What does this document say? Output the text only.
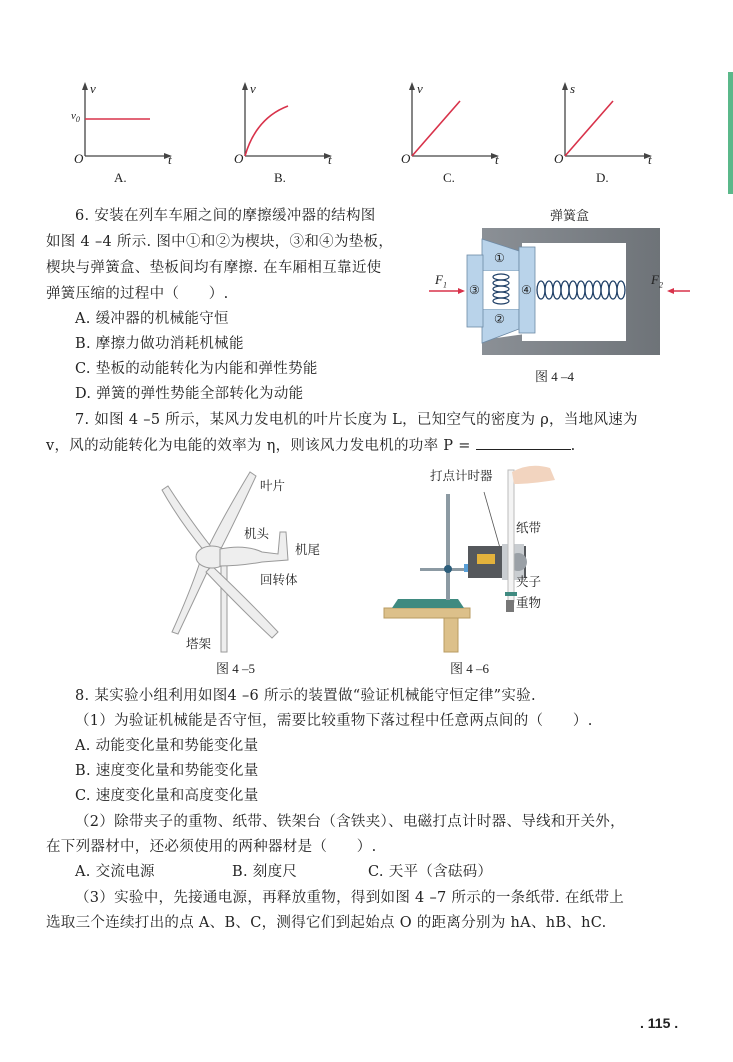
v
$v_0$
O	t
A.
v
O	t
B.
v
O	t
C.
s
O	t
D.
6. 安装在列车车厢之间的摩擦缓冲器的结构图
如图 4 –4 所示. 图中①和②为楔块，③和④为垫板，
楔块与弹簧盒、垫板间均有摩擦. 在车厢相互靠近使
弹簧压缩的过程中（　　）.
A. 缓冲器的机械能守恒
B. 摩擦力做功消耗机械能
C. 垫板的动能转化为内能和弹性势能
D. 弹簧的弹性势能全部转化为动能
弹簧盒
①
②
③	④
$F_1$	$F_2$
图 4 –4
7. 如图 4 –5 所示，某风力发电机的叶片长度为 L，已知空气的密度为 ρ，当地风速为
v，风的动能转化为电能的效率为 η，则该风力发电机的功率 P =	.
叶片
机头
机尾
回转体
塔架
图 4 –5
打点计时器
纸带
夹子
重物
图 4 –6
8. 某实验小组利用如图4 –6 所示的装置做“验证机械能守恒定律”实验.
（1）为验证机械能是否守恒，需要比较重物下落过程中任意两点间的（　　）.
A. 动能变化量和势能变化量
B. 速度变化量和势能变化量
C. 速度变化量和高度变化量
（2）除带夹子的重物、纸带、铁架台（含铁夹）、电磁打点计时器、导线和开关外，
在下列器材中，还必须使用的两种器材是（　　）.
A. 交流电源	B. 刻度尺	C. 天平（含砝码）
（3）实验中，先接通电源，再释放重物，得到如图 4 –7 所示的一条纸带. 在纸带上
选取三个连续打出的点 A、B、C，测得它们到起始点 O 的距离分别为 hA、hB、hC.
. 115 .
